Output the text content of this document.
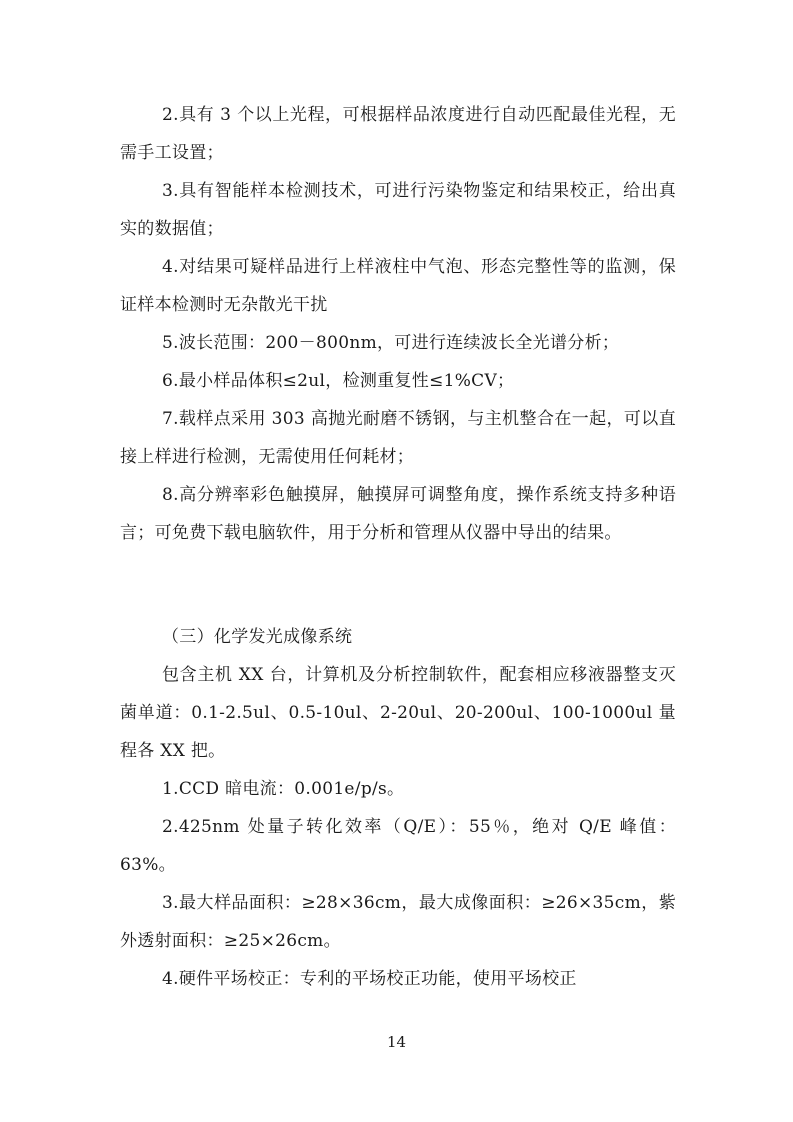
2.具有 3 个以上光程，可根据样品浓度进行自动匹配最佳光程，无需手工设置；

3.具有智能样本检测技术，可进行污染物鉴定和结果校正，给出真实的数据值；

4.对结果可疑样品进行上样液柱中气泡、形态完整性等的监测，保证样本检测时无杂散光干扰

5.波长范围：200－800nm，可进行连续波长全光谱分析；

6.最小样品体积≤2ul，检测重复性≤1%CV；

7.载样点采用 303 高抛光耐磨不锈钢，与主机整合在一起，可以直接上样进行检测，无需使用任何耗材；

8.高分辨率彩色触摸屏，触摸屏可调整角度，操作系统支持多种语言；可免费下载电脑软件，用于分析和管理从仪器中导出的结果。

（三）化学发光成像系统

包含主机 XX 台，计算机及分析控制软件，配套相应移液器整支灭菌单道：0.1-2.5ul、0.5-10ul、2-20ul、20-200ul、100-1000ul 量程各 XX 把。

1.CCD 暗电流：0.001e/p/s。

2.425nm 处量子转化效率（Q/E）：55％，绝对 Q/E 峰值：63%。

3.最大样品面积：≥28×36cm，最大成像面积：≥26×35cm，紫外透射面积：≥25×26cm。

4.硬件平场校正：专利的平场校正功能，使用平场校正

14
